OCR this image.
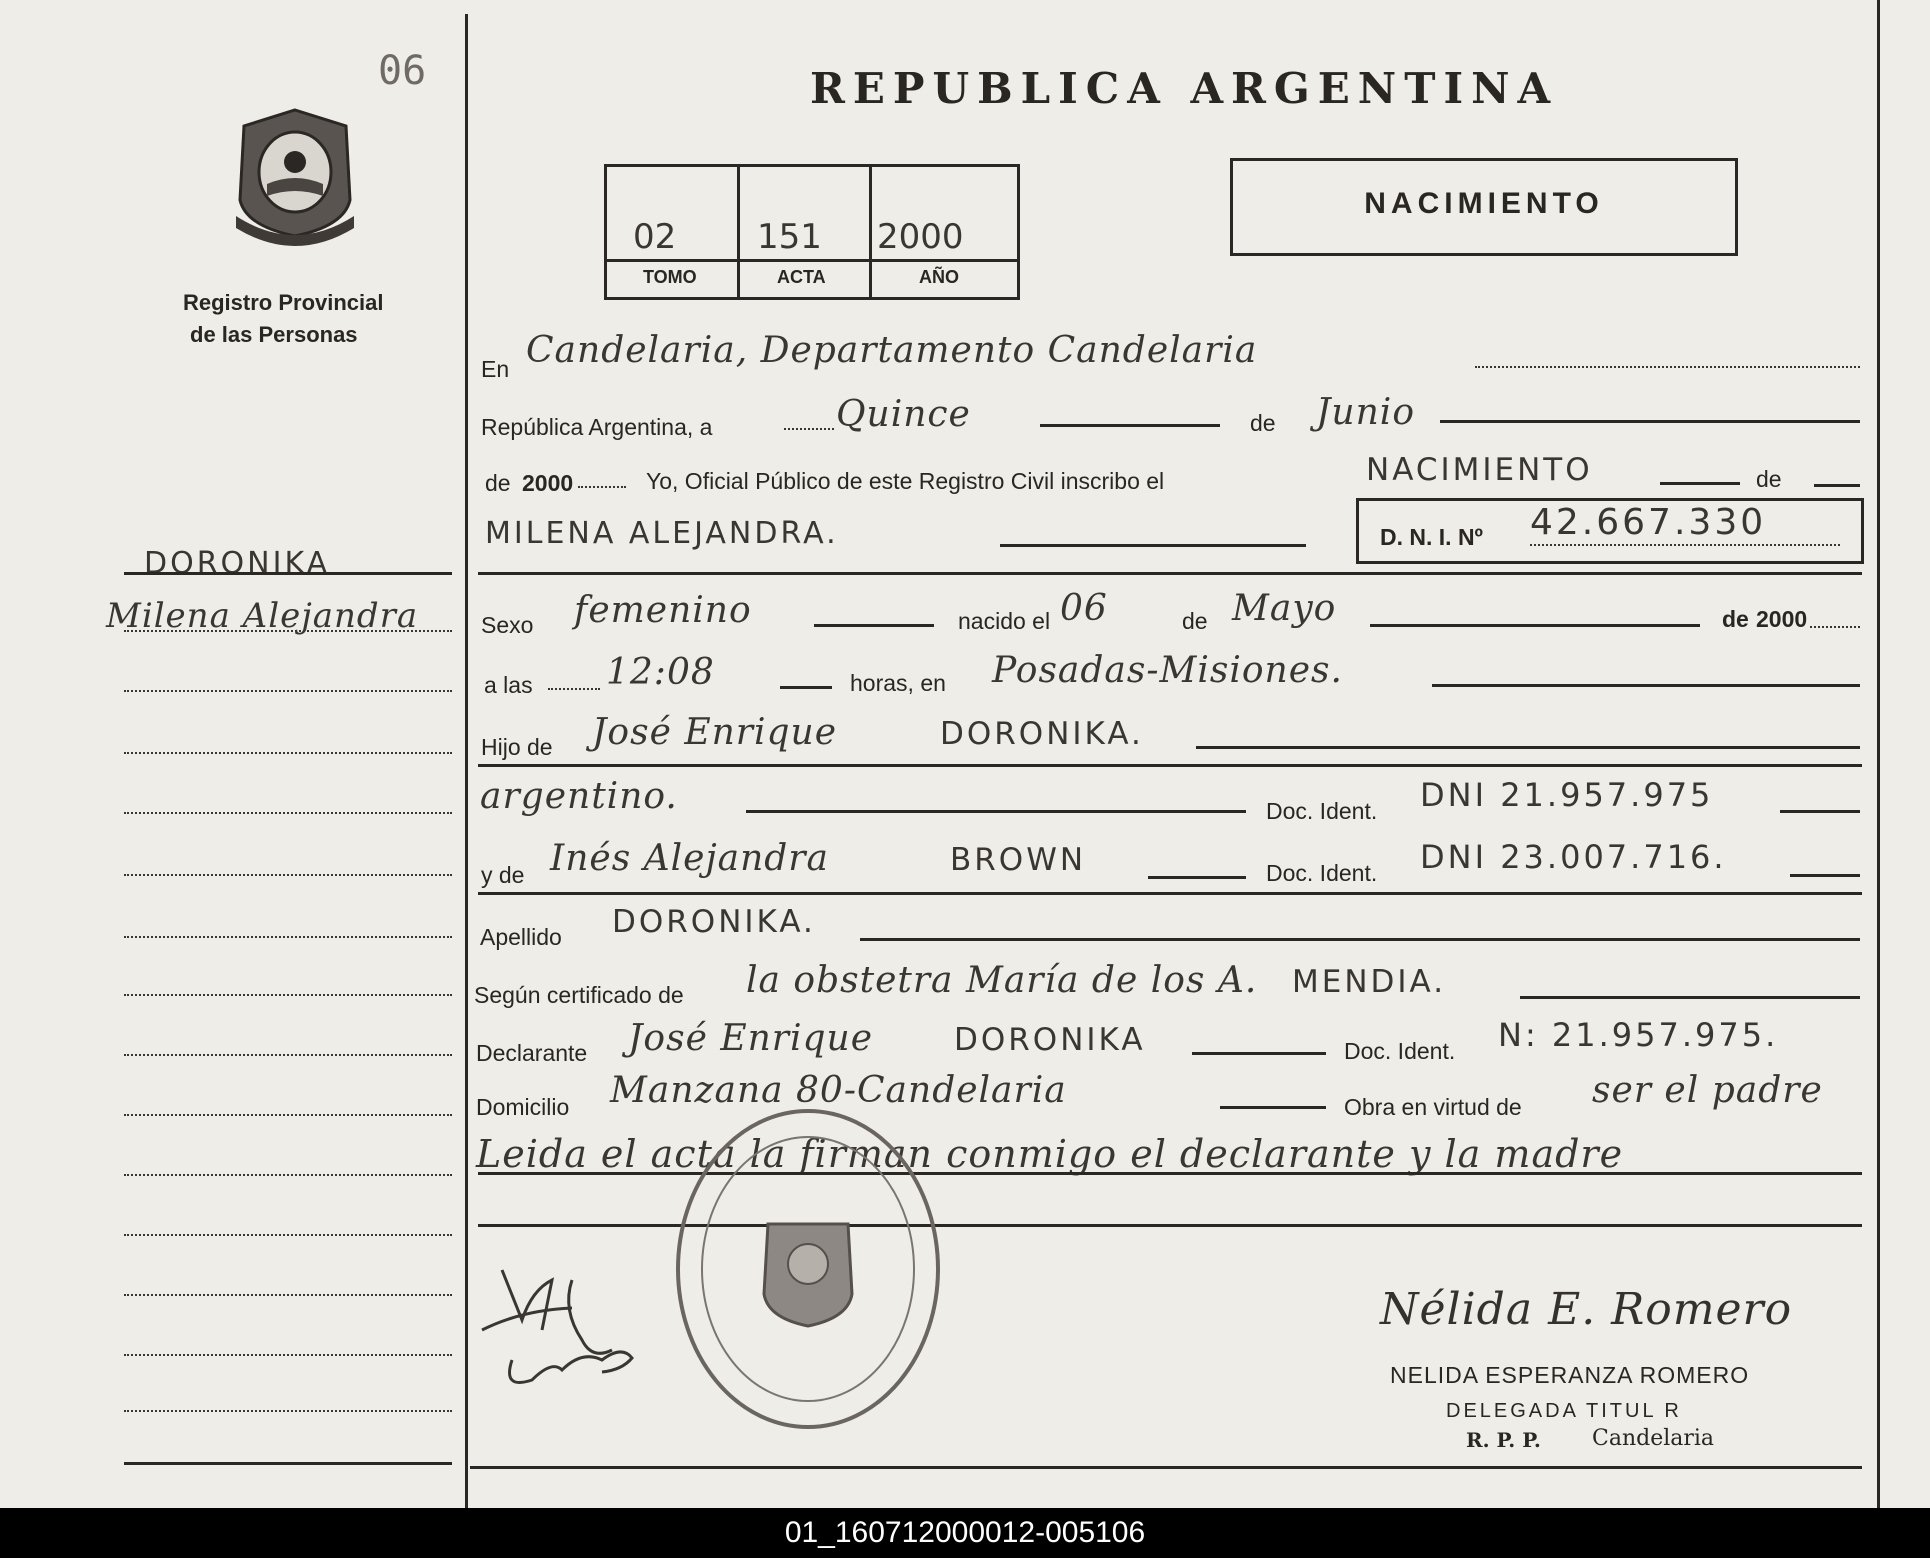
06
Registro Provincial
de las Personas
DORONIKA
Milena Alejandra
REPUBLICA ARGENTINA
02 151 2000
TOMO	ACTA	AÑO
NACIMIENTO
En Candelaria, Departamento Candelaria
República Argentina, a	Quince	de Junio
de 2000	Yo, Oficial Público de este Registro Civil inscribo el	NACIMIENTO	de
MILENA ALEJANDRA.	D. N. I. Nº 42.667.330
Sexo femenino	nacido el 06	de Mayo	de 2000
a las 12:08	horas, en Posadas-Misiones.
Hijo de José Enrique	DORONIKA.
argentino.	Doc. Ident. DNI 21.957.975
y de Inés Alejandra	BROWN	Doc. Ident. DNI 23.007.716.
Apellido DORONIKA.
Según certificado de la obstetra María de los A. MENDIA.
Declarante José Enrique	DORONIKA	Doc. Ident. N: 21.957.975.
Domicilio Manzana 80-Candelaria	Obra en virtud de ser el padre
Leida el acta la firman conmigo el declarante y la madre
Nélida E. Romero
NELIDA ESPERANZA ROMERO
DELEGADA TITUL R
R. P. P. Candelaria
01_160712000012-005106
